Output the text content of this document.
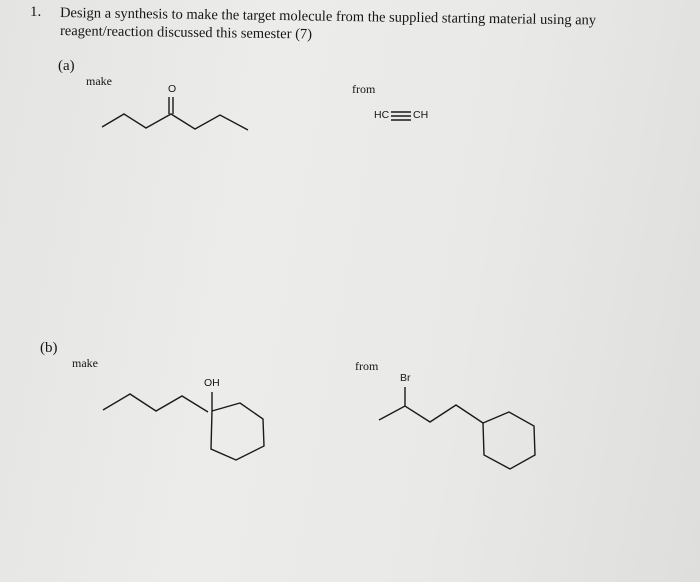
1. Design a synthesis to make the target molecule from the supplied starting material using any
reagent/reaction discussed this semester (7)
(a)
make
from
O
HC CH
(b)
make	from
OH	Br
